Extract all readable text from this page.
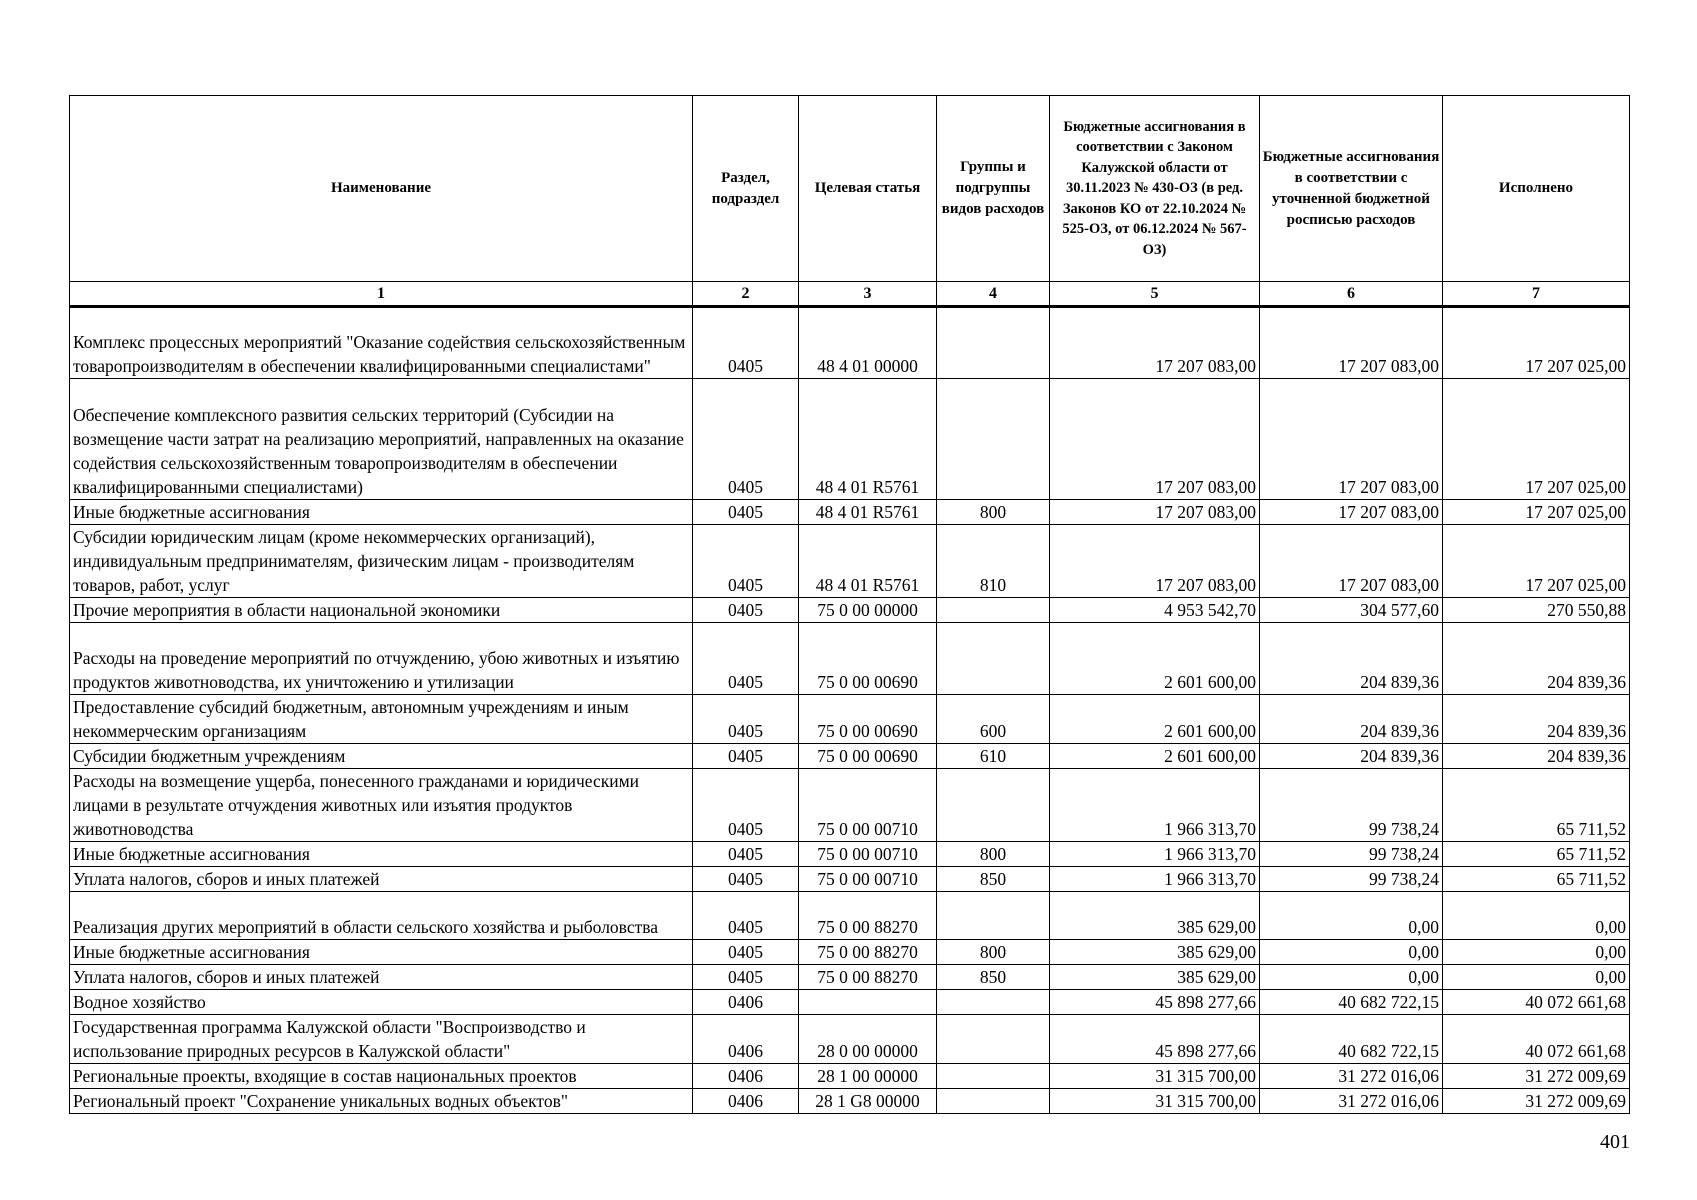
Наименование	Раздел, подраздел	Целевая статья	Группы и подгруппы видов расходов	Бюджетные ассигнования в соответствии с Законом Калужской области от 30.11.2023 № 430-ОЗ (в ред. Законов КО от 22.10.2024 № 525-ОЗ, от 06.12.2024 № 567-ОЗ)	Бюджетные ассигнования в соответствии с уточненной бюджетной росписью расходов	Исполнено
1	2	3	4	5	6	7
Комплекс процессных мероприятий "Оказание содействия сельскохозяйственным товаропроизводителям в обеспечении квалифицированными специалистами"	0405	48 4 01 00000		17 207 083,00	17 207 083,00	17 207 025,00
Обеспечение комплексного развития сельских территорий (Субсидии на возмещение части затрат на реализацию мероприятий, направленных на оказание содействия сельскохозяйственным товаропроизводителям в обеспечении квалифицированными специалистами)	0405	48 4 01 R5761		17 207 083,00	17 207 083,00	17 207 025,00
Иные бюджетные ассигнования	0405	48 4 01 R5761	800	17 207 083,00	17 207 083,00	17 207 025,00
Субсидии юридическим лицам (кроме некоммерческих организаций), индивидуальным предпринимателям, физическим лицам - производителям товаров, работ, услуг	0405	48 4 01 R5761	810	17 207 083,00	17 207 083,00	17 207 025,00
Прочие мероприятия в области национальной экономики	0405	75 0 00 00000		4 953 542,70	304 577,60	270 550,88
Расходы на проведение мероприятий по отчуждению, убою животных и изъятию продуктов животноводства, их уничтожению и утилизации	0405	75 0 00 00690		2 601 600,00	204 839,36	204 839,36
Предоставление субсидий бюджетным, автономным учреждениям и иным некоммерческим организациям	0405	75 0 00 00690	600	2 601 600,00	204 839,36	204 839,36
Субсидии бюджетным учреждениям	0405	75 0 00 00690	610	2 601 600,00	204 839,36	204 839,36
Расходы на возмещение ущерба, понесенного гражданами и юридическими лицами в результате отчуждения животных или изъятия продуктов животноводства	0405	75 0 00 00710		1 966 313,70	99 738,24	65 711,52
Иные бюджетные ассигнования	0405	75 0 00 00710	800	1 966 313,70	99 738,24	65 711,52
Уплата налогов, сборов и иных платежей	0405	75 0 00 00710	850	1 966 313,70	99 738,24	65 711,52
Реализация других мероприятий в области сельского хозяйства и рыболовства	0405	75 0 00 88270		385 629,00	0,00	0,00
Иные бюджетные ассигнования	0405	75 0 00 88270	800	385 629,00	0,00	0,00
Уплата налогов, сборов и иных платежей	0405	75 0 00 88270	850	385 629,00	0,00	0,00
Водное хозяйство	0406			45 898 277,66	40 682 722,15	40 072 661,68
Государственная программа Калужской области "Воспроизводство и использование природных ресурсов в Калужской области"	0406	28 0 00 00000		45 898 277,66	40 682 722,15	40 072 661,68
Региональные проекты, входящие в состав национальных проектов	0406	28 1 00 00000		31 315 700,00	31 272 016,06	31 272 009,69
Региональный проект "Сохранение уникальных водных объектов"	0406	28 1 G8 00000		31 315 700,00	31 272 016,06	31 272 009,69
401
